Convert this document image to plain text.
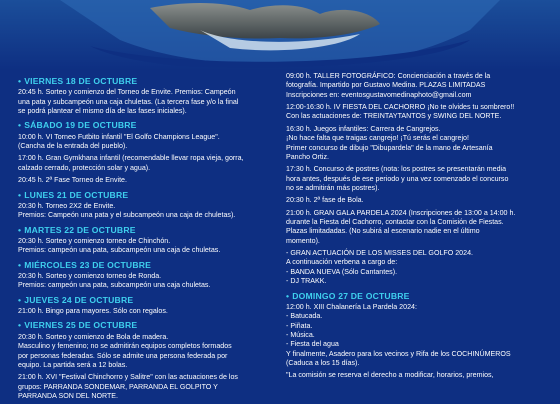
• VIERNES 18 DE OCTUBRE
20:45 h. Sorteo y comienzo del Torneo de Envite. Premios: Campeón
una pata y subcampeón una caja chuletas. (La tercera fase y/o la final
se podrá plantear el mismo día de las fases iniciales).
• SÁBADO 19 DE OCTUBRE
10:00 h. VI Torneo Futbito infantil "El Golfo Champions League".
(Cancha de la entrada del pueblo).
17:00 h. Gran Gymkhana infantil (recomendable llevar ropa vieja, gorra,
calzado cerrado, protección solar y agua).
20:45 h. 2ª Fase Torneo de Envite.
• LUNES 21 DE OCTUBRE
20:30 h. Torneo 2X2 de Envite.
Premios: Campeón una pata y el subcampeón una caja de chuletas).
• MARTES 22 DE OCTUBRE
20:30 h. Sorteo y comienzo torneo de Chinchón.
Premios: campeón una pata, subcampeón una caja de chuletas.
• MIÉRCOLES 23 DE OCTUBRE
20:30 h. Sorteo y comienzo torneo de Ronda.
Premios: campeón una pata, subcampeón una caja chuletas.
• JUEVES 24 DE OCTUBRE
21:00 h. Bingo para mayores. Sólo con regalos.
• VIERNES 25 DE OCTUBRE
20:30 h. Sorteo y comienzo de Bola de madera.
Masculino y femenino; no se admitirán equipos completos formados
por personas federadas. Sólo se admite una persona federada por
equipo. La partida será a 12 bolas.
21:00 h. XVI "Festival Chinchorro y Salitre" con las actuaciones de los
grupos: PARRANDA SONDEMAR, PARRANDA EL GOLPITO Y
PARRANDA SON DEL NORTE.
09:00 h. TALLER FOTOGRÁFICO: Concienciación a través de la
fotografía. Impartido por Gustavo Medina. PLAZAS LIMITADAS
Inscripciones en: eventosgustavomedinaphoto@gmail.com
12:00-16:30 h. IV FIESTA DEL CACHORRO ¡No te olvides tu sombrero!!
Con las actuaciones de: TREINTAYTANTOS y SWING DEL NORTE.
16:30 h. Juegos infantiles: Carrera de Cangrejos.
¡No hace falta que traigas cangrejo! ¡Tú serás el cangrejo!
Primer concurso de dibujo "Dibupardela" de la mano de Artesanía
Pancho Ortiz.
17:30 h. Concurso de postres (nota: los postres se presentarán media
hora antes, después de ese periodo y una vez comenzado el concurso
no se admitirán más postres).
20:30 h. 2ª fase de Bola.
21:00 h. GRAN GALA PARDELA 2024 (Inscripciones de 13:00 a 14:00 h.
durante la Fiesta del Cachorro, contactar con la Comisión de Fiestas.
Plazas limitadadas. (No subirá al escenario nadie en el último
momento).
- GRAN ACTUACIÓN DE LOS MISSES DEL GOLFO 2024.
A continuación verbena a cargo de:
- BANDA NUEVA (Sólo Cantantes).
- DJ TRAKK.
• DOMINGO 27 DE OCTUBRE
12:00 h. XIII Chalanería La Pardela 2024:
- Batucada.
- Piñata.
- Música.
- Fiesta del agua
Y finalmente, Asadero para los vecinos y Rifa de los COCHINÚMEROS
(Caduca a los 15 días).
"La comisión se reserva el derecho a modificar, horarios, premios,
